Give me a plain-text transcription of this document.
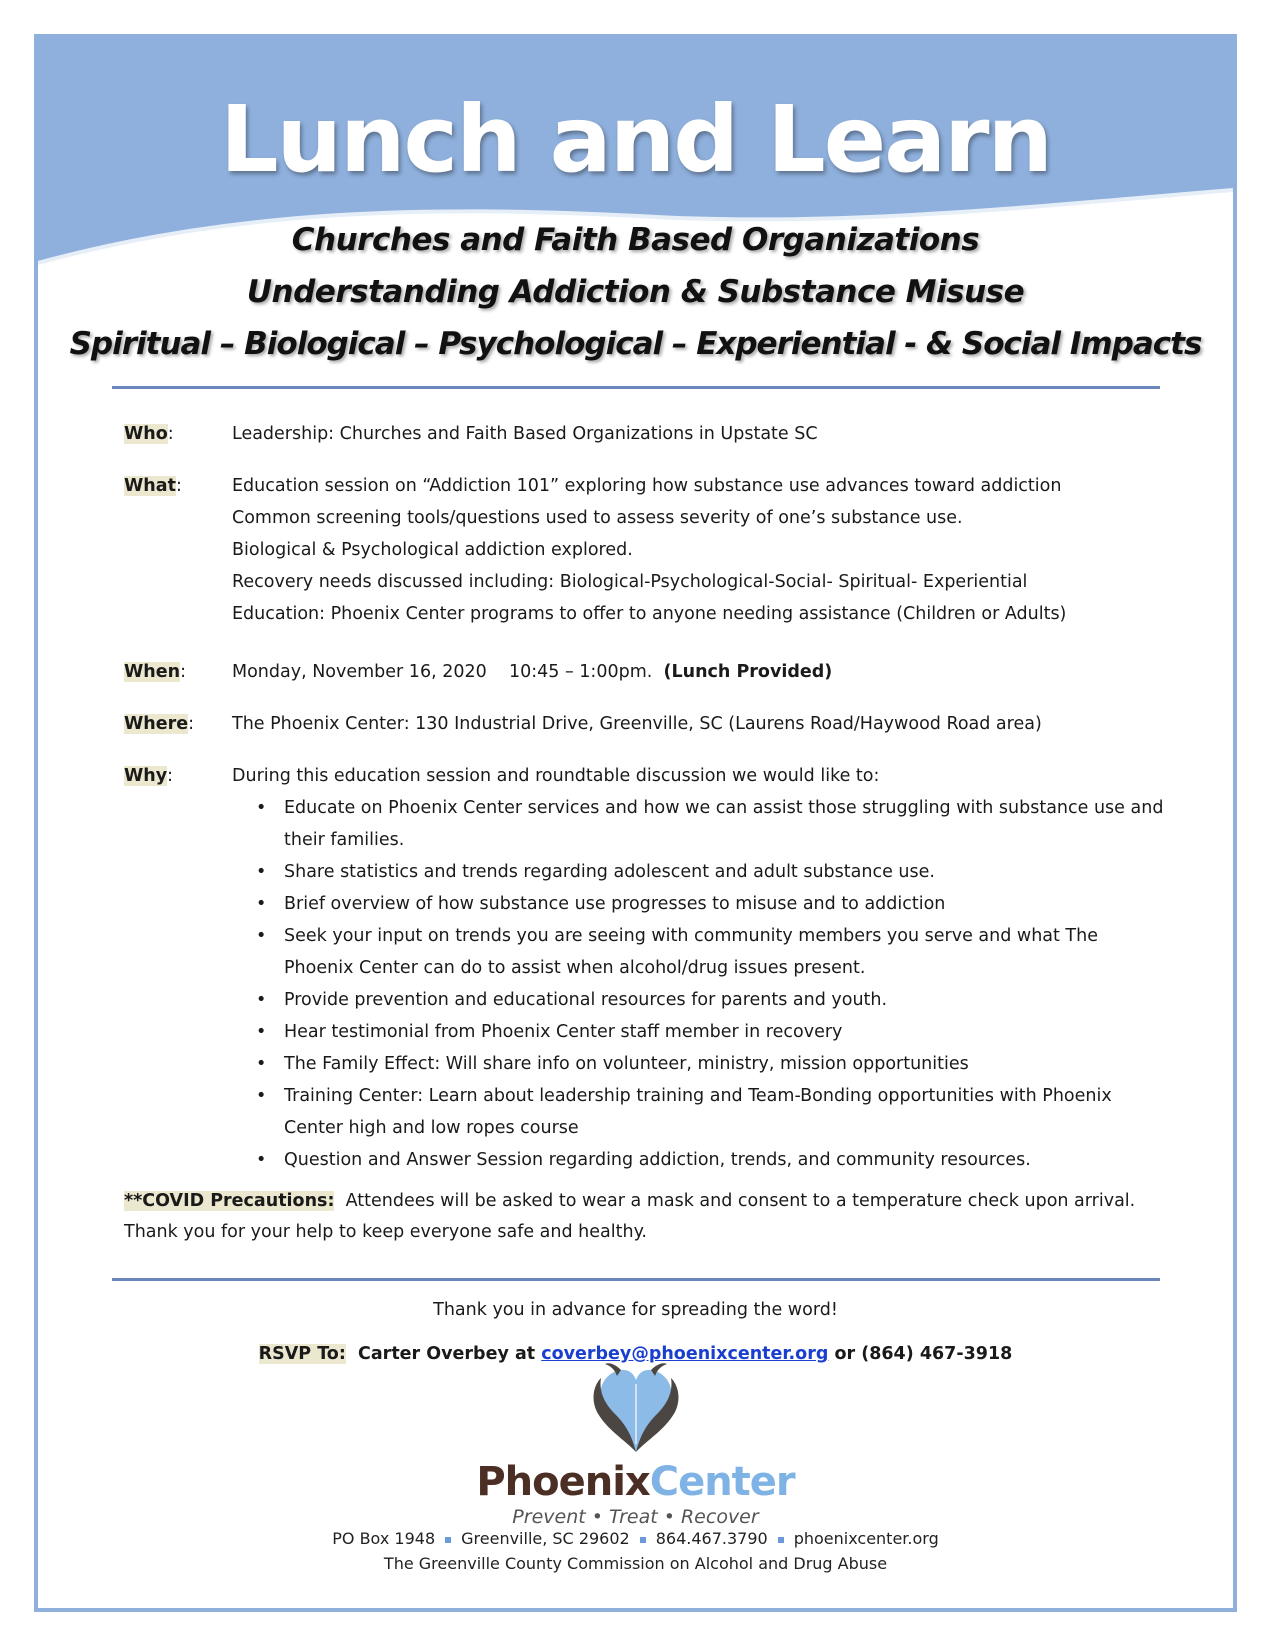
Lunch and Learn

Churches and Faith Based Organizations

Understanding Addiction & Substance Misuse

Spiritual – Biological – Psychological – Experiential - & Social Impacts

Who:	Leadership: Churches and Faith Based Organizations in Upstate SC
What:	Education session on “Addiction 101” exploring how substance use advances toward addiction
Common screening tools/questions used to assess severity of one’s substance use.
Biological & Psychological addiction explored.
Recovery needs discussed including: Biological-Psychological-Social- Spiritual- Experiential
Education: Phoenix Center programs to offer to anyone needing assistance (Children or Adults)
When:	Monday, November 16, 2020    10:45 – 1:00pm. (Lunch Provided)
Where:	The Phoenix Center: 130 Industrial Drive, Greenville, SC (Laurens Road/Haywood Road area)
Why:	During this education session and roundtable discussion we would like to:
• Educate on Phoenix Center services and how we can assist those struggling with substance use and their families.
• Share statistics and trends regarding adolescent and adult substance use.
• Brief overview of how substance use progresses to misuse and to addiction
• Seek your input on trends you are seeing with community members you serve and what The Phoenix Center can do to assist when alcohol/drug issues present.
• Provide prevention and educational resources for parents and youth.
• Hear testimonial from Phoenix Center staff member in recovery
• The Family Effect: Will share info on volunteer, ministry, mission opportunities
• Training Center: Learn about leadership training and Team-Bonding opportunities with Phoenix Center high and low ropes course
• Question and Answer Session regarding addiction, trends, and community resources.
**COVID Precautions: Attendees will be asked to wear a mask and consent to a temperature check upon arrival. Thank you for your help to keep everyone safe and healthy.
Thank you in advance for spreading the word!
RSVP To: Carter Overbey at coverbey@phoenixcenter.org or (864) 467-3918
PhoenixCenter
Prevent • Treat • Recover
PO Box 1948 Greenville, SC 29602 864.467.3790 phoenixcenter.org
The Greenville County Commission on Alcohol and Drug Abuse
